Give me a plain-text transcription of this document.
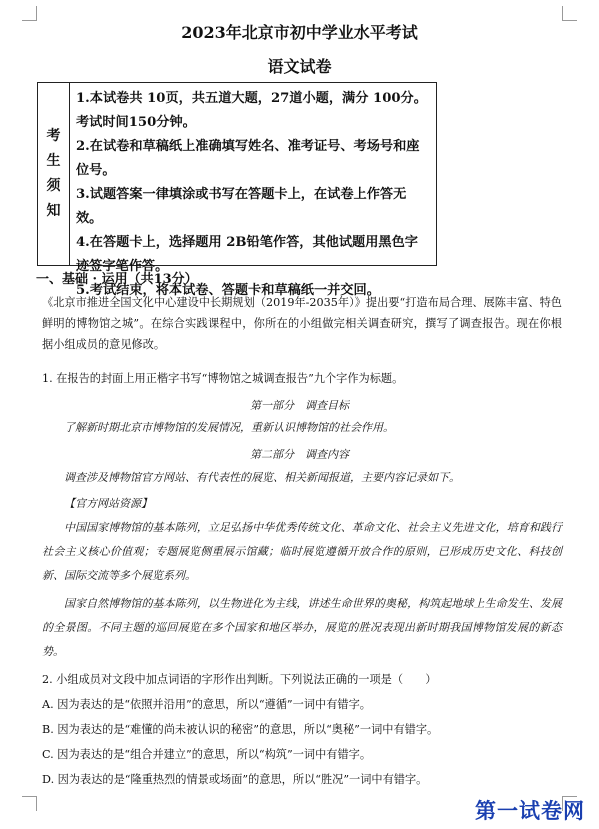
2023年北京市初中学业水平考试
语文试卷
考
生
须
知
1.本试卷共 10页，共五道大题，27道小题，满分 100分。考试时间150分钟。
2.在试卷和草稿纸上准确填写姓名、准考证号、考场号和座位号。
3.试题答案一律填涂或书写在答题卡上，在试卷上作答无效。
4.在答题卡上，选择题用 2B铅笔作答，其他试题用黑色字迹签字笔作答。
5.考试结束，将本试卷、答题卡和草稿纸一并交回。
一、基础 · 运用（共13分）
《北京市推进全国文化中心建设中长期规划（2019年-2035年）》提出要“打造布局合理、展陈丰富、特色鲜明的博物馆之城”。在综合实践课程中，你所在的小组做完相关调查研究，撰写了调查报告。现在你根据小组成员的意见修改。
1. 在报告的封面上用正楷字书写“博物馆之城调查报告”九个字作为标题。
第一部分　调查目标
了解新时期北京市博物馆的发展情况，重新认识博物馆的社会作用。
第二部分　调查内容
调查涉及博物馆官方网站、有代表性的展览、相关新闻报道，主要内容记录如下。
【官方网站资源】
中国国家博物馆的基本陈列，立足弘扬中华优秀传统文化、革命文化、社会主义先进文化，培育和践行社会主义核心价值观；专题展览侧重展示馆藏；临时展览遵循开放合作的原则，已形成历史文化、科技创新、国际交流等多个展览系列。
国家自然博物馆的基本陈列，以生物进化为主线，讲述生命世界的奥秘，构筑起地球上生命发生、发展的全景图。不同主题的巡回展览在多个国家和地区举办，展览的胜况表现出新时期我国博物馆发展的新态势。
2. 小组成员对文段中加点词语的字形作出判断。下列说法正确的一项是（　　）
A. 因为表达的是“依照并沿用”的意思，所以“遵循”一词中有错字。
B. 因为表达的是“难懂的尚未被认识的秘密”的意思，所以“奥秘”一词中有错字。
C. 因为表达的是“组合并建立”的意思，所以“构筑”一词中有错字。
D. 因为表达的是“隆重热烈的情景或场面”的意思，所以“胜况”一词中有错字。
第一试卷网
